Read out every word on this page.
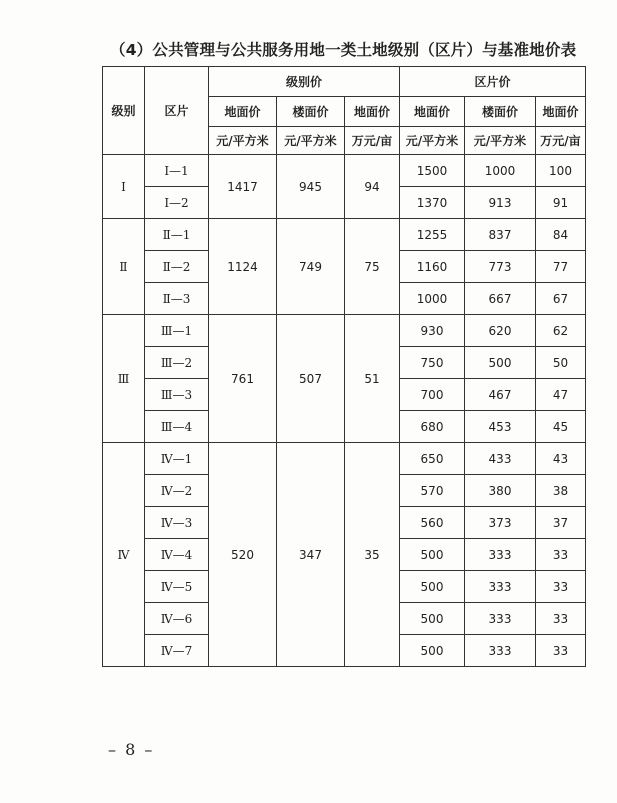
（4）公共管理与公共服务用地一类土地级别（区片）与基准地价表
级别	区片	级别价			区片价		
		地面价	楼面价	地面价	地面价	楼面价	地面价
		元/平方米	元/平方米	万元/亩	元/平方米	元/平方米	万元/亩
Ⅰ	Ⅰ—1	1417	945	94	1500	1000	100
	Ⅰ—2				1370	913	91
Ⅱ	Ⅱ—1	1124	749	75	1255	837	84
	Ⅱ—2				1160	773	77
	Ⅱ—3				1000	667	67
Ⅲ	Ⅲ—1	761	507	51	930	620	62
	Ⅲ—2				750	500	50
	Ⅲ—3				700	467	47
	Ⅲ—4				680	453	45
Ⅳ	Ⅳ—1	520	347	35	650	433	43
	Ⅳ—2				570	380	38
	Ⅳ—3				560	373	37
	Ⅳ—4				500	333	33
	Ⅳ—5				500	333	33
	Ⅳ—6				500	333	33
	Ⅳ—7				500	333	33
– 8 –
